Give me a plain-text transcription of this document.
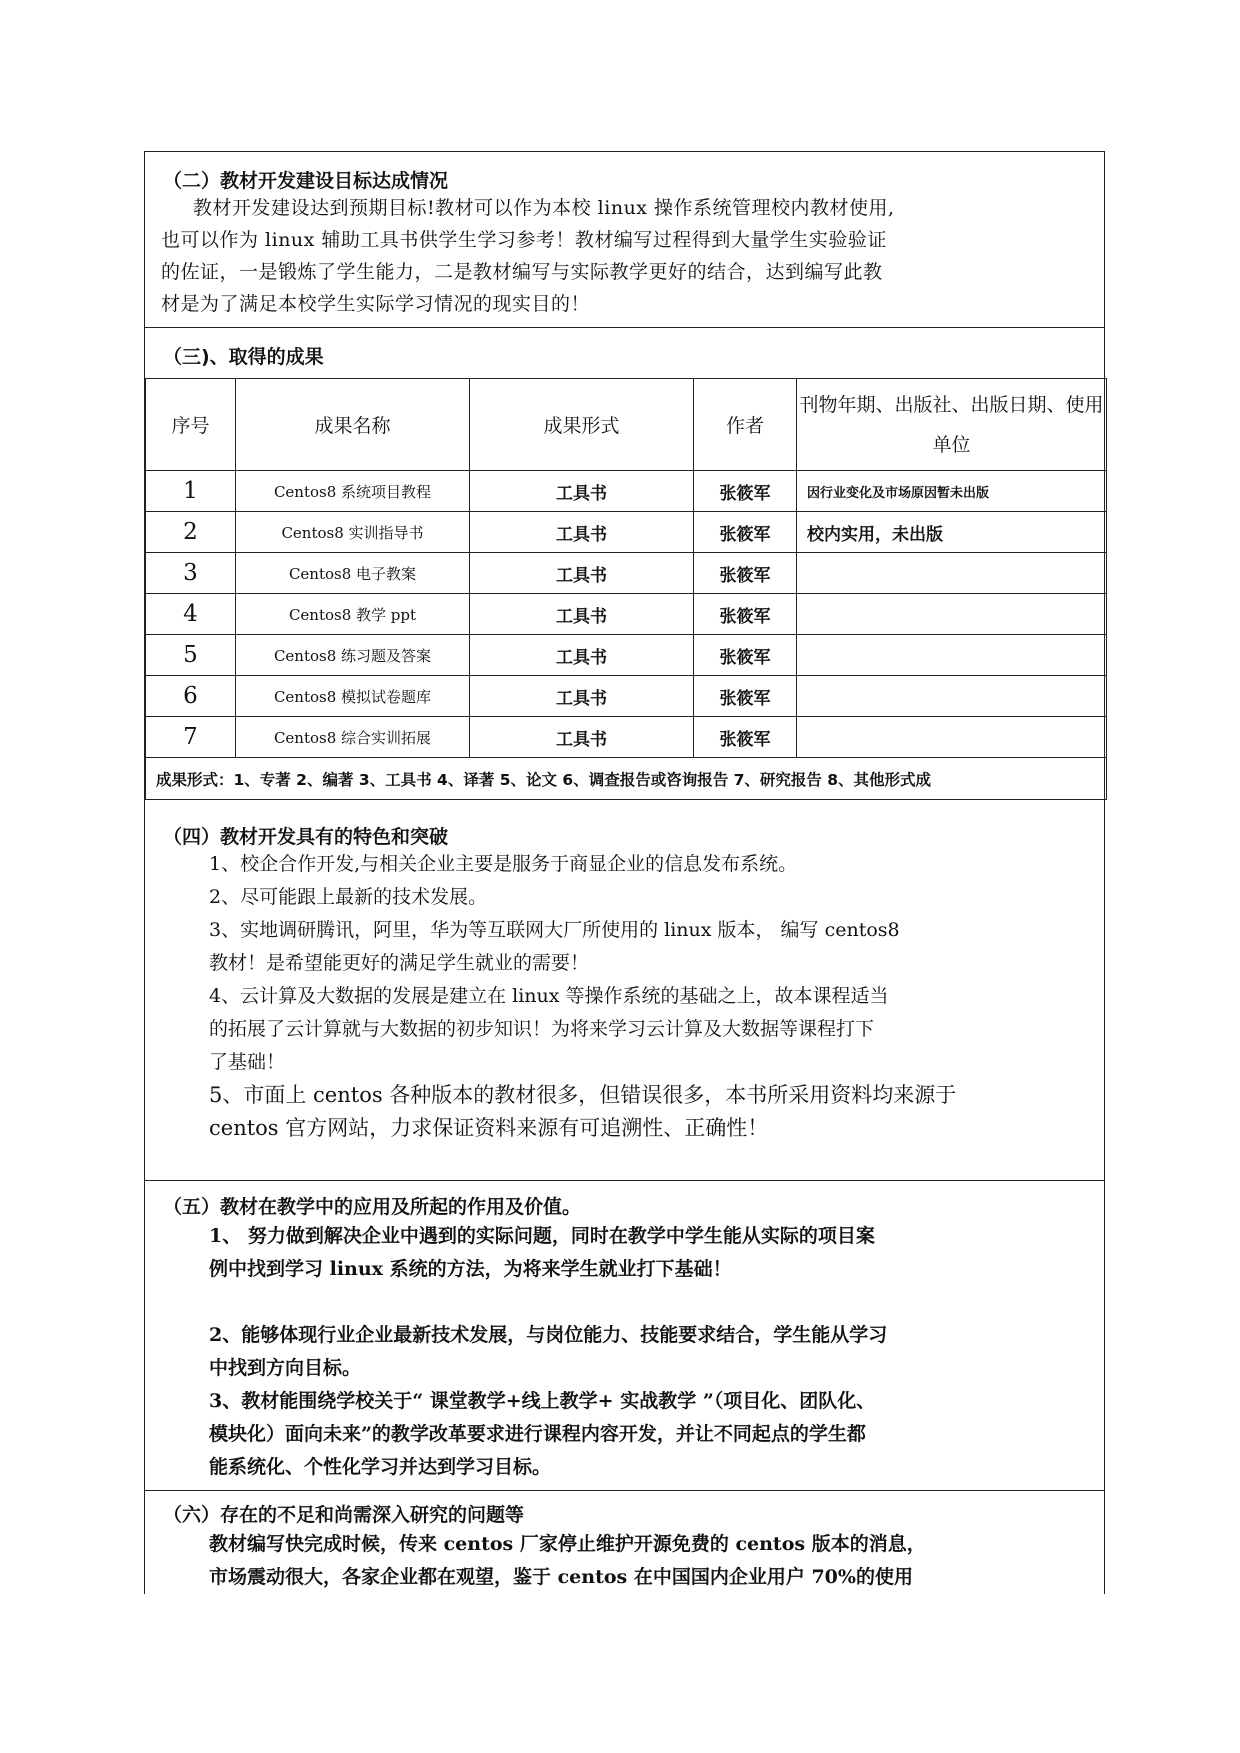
（二）教材开发建设目标达成情况

教材开发建设达到预期目标!教材可以作为本校 linux 操作系统管理校内教材使用,

也可以作为 linux 辅助工具书供学生学习参考！教材编写过程得到大量学生实验验证

的佐证，一是锻炼了学生能力，二是教材编写与实际教学更好的结合，达到编写此教

材是为了满足本校学生实际学习情况的现实目的！

（三)、取得的成果
序号	成果名称	成果形式	作者	刊物年期、出版社、出版日期、使用单位
1	Centos8 系统项目教程	工具书	张筱军	因行业变化及市场原因暂未出版
2	Centos8 实训指导书	工具书	张筱军	校内实用，未出版
3	Centos8 电子教案	工具书	张筱军	
4	Centos8 教学 ppt	工具书	张筱军	
5	Centos8 练习题及答案	工具书	张筱军	
6	Centos8 模拟试卷题库	工具书	张筱军	
7	Centos8 综合实训拓展	工具书	张筱军	
成果形式：1、专著 2、编著 3、工具书 4、译著 5、论文 6、调查报告或咨询报告 7、研究报告 8、其他形式成				
（四）教材开发具有的特色和突破

1、校企合作开发,与相关企业主要是服务于商显企业的信息发布系统。

2、尽可能跟上最新的技术发展。

3、实地调研腾讯，阿里，华为等互联网大厂所使用的 linux 版本， 编写 centos8

教材！是希望能更好的满足学生就业的需要！

4、云计算及大数据的发展是建立在 linux 等操作系统的基础之上，故本课程适当

的拓展了云计算就与大数据的初步知识！为将来学习云计算及大数据等课程打下

了基础！

5、市面上 centos 各种版本的教材很多，但错误很多，本书所采用资料均来源于

centos 官方网站，力求保证资料来源有可追溯性、正确性！

（五）教材在教学中的应用及所起的作用及价值。

1、 努力做到解决企业中遇到的实际问题，同时在教学中学生能从实际的项目案

例中找到学习 linux 系统的方法，为将来学生就业打下基础！

2、能够体现行业企业最新技术发展，与岗位能力、技能要求结合，学生能从学习

中找到方向目标。

3、教材能围绕学校关于“ 课堂教学+线上教学+ 实战教学 ”（项目化、团队化、

模块化）面向未来”的教学改革要求进行课程内容开发，并让不同起点的学生都

能系统化、个性化学习并达到学习目标。

（六）存在的不足和尚需深入研究的问题等

教材编写快完成时候，传来 centos 厂家停止维护开源免费的 centos 版本的消息，

市场震动很大，各家企业都在观望，鉴于 centos 在中国国内企业用户 70%的使用
